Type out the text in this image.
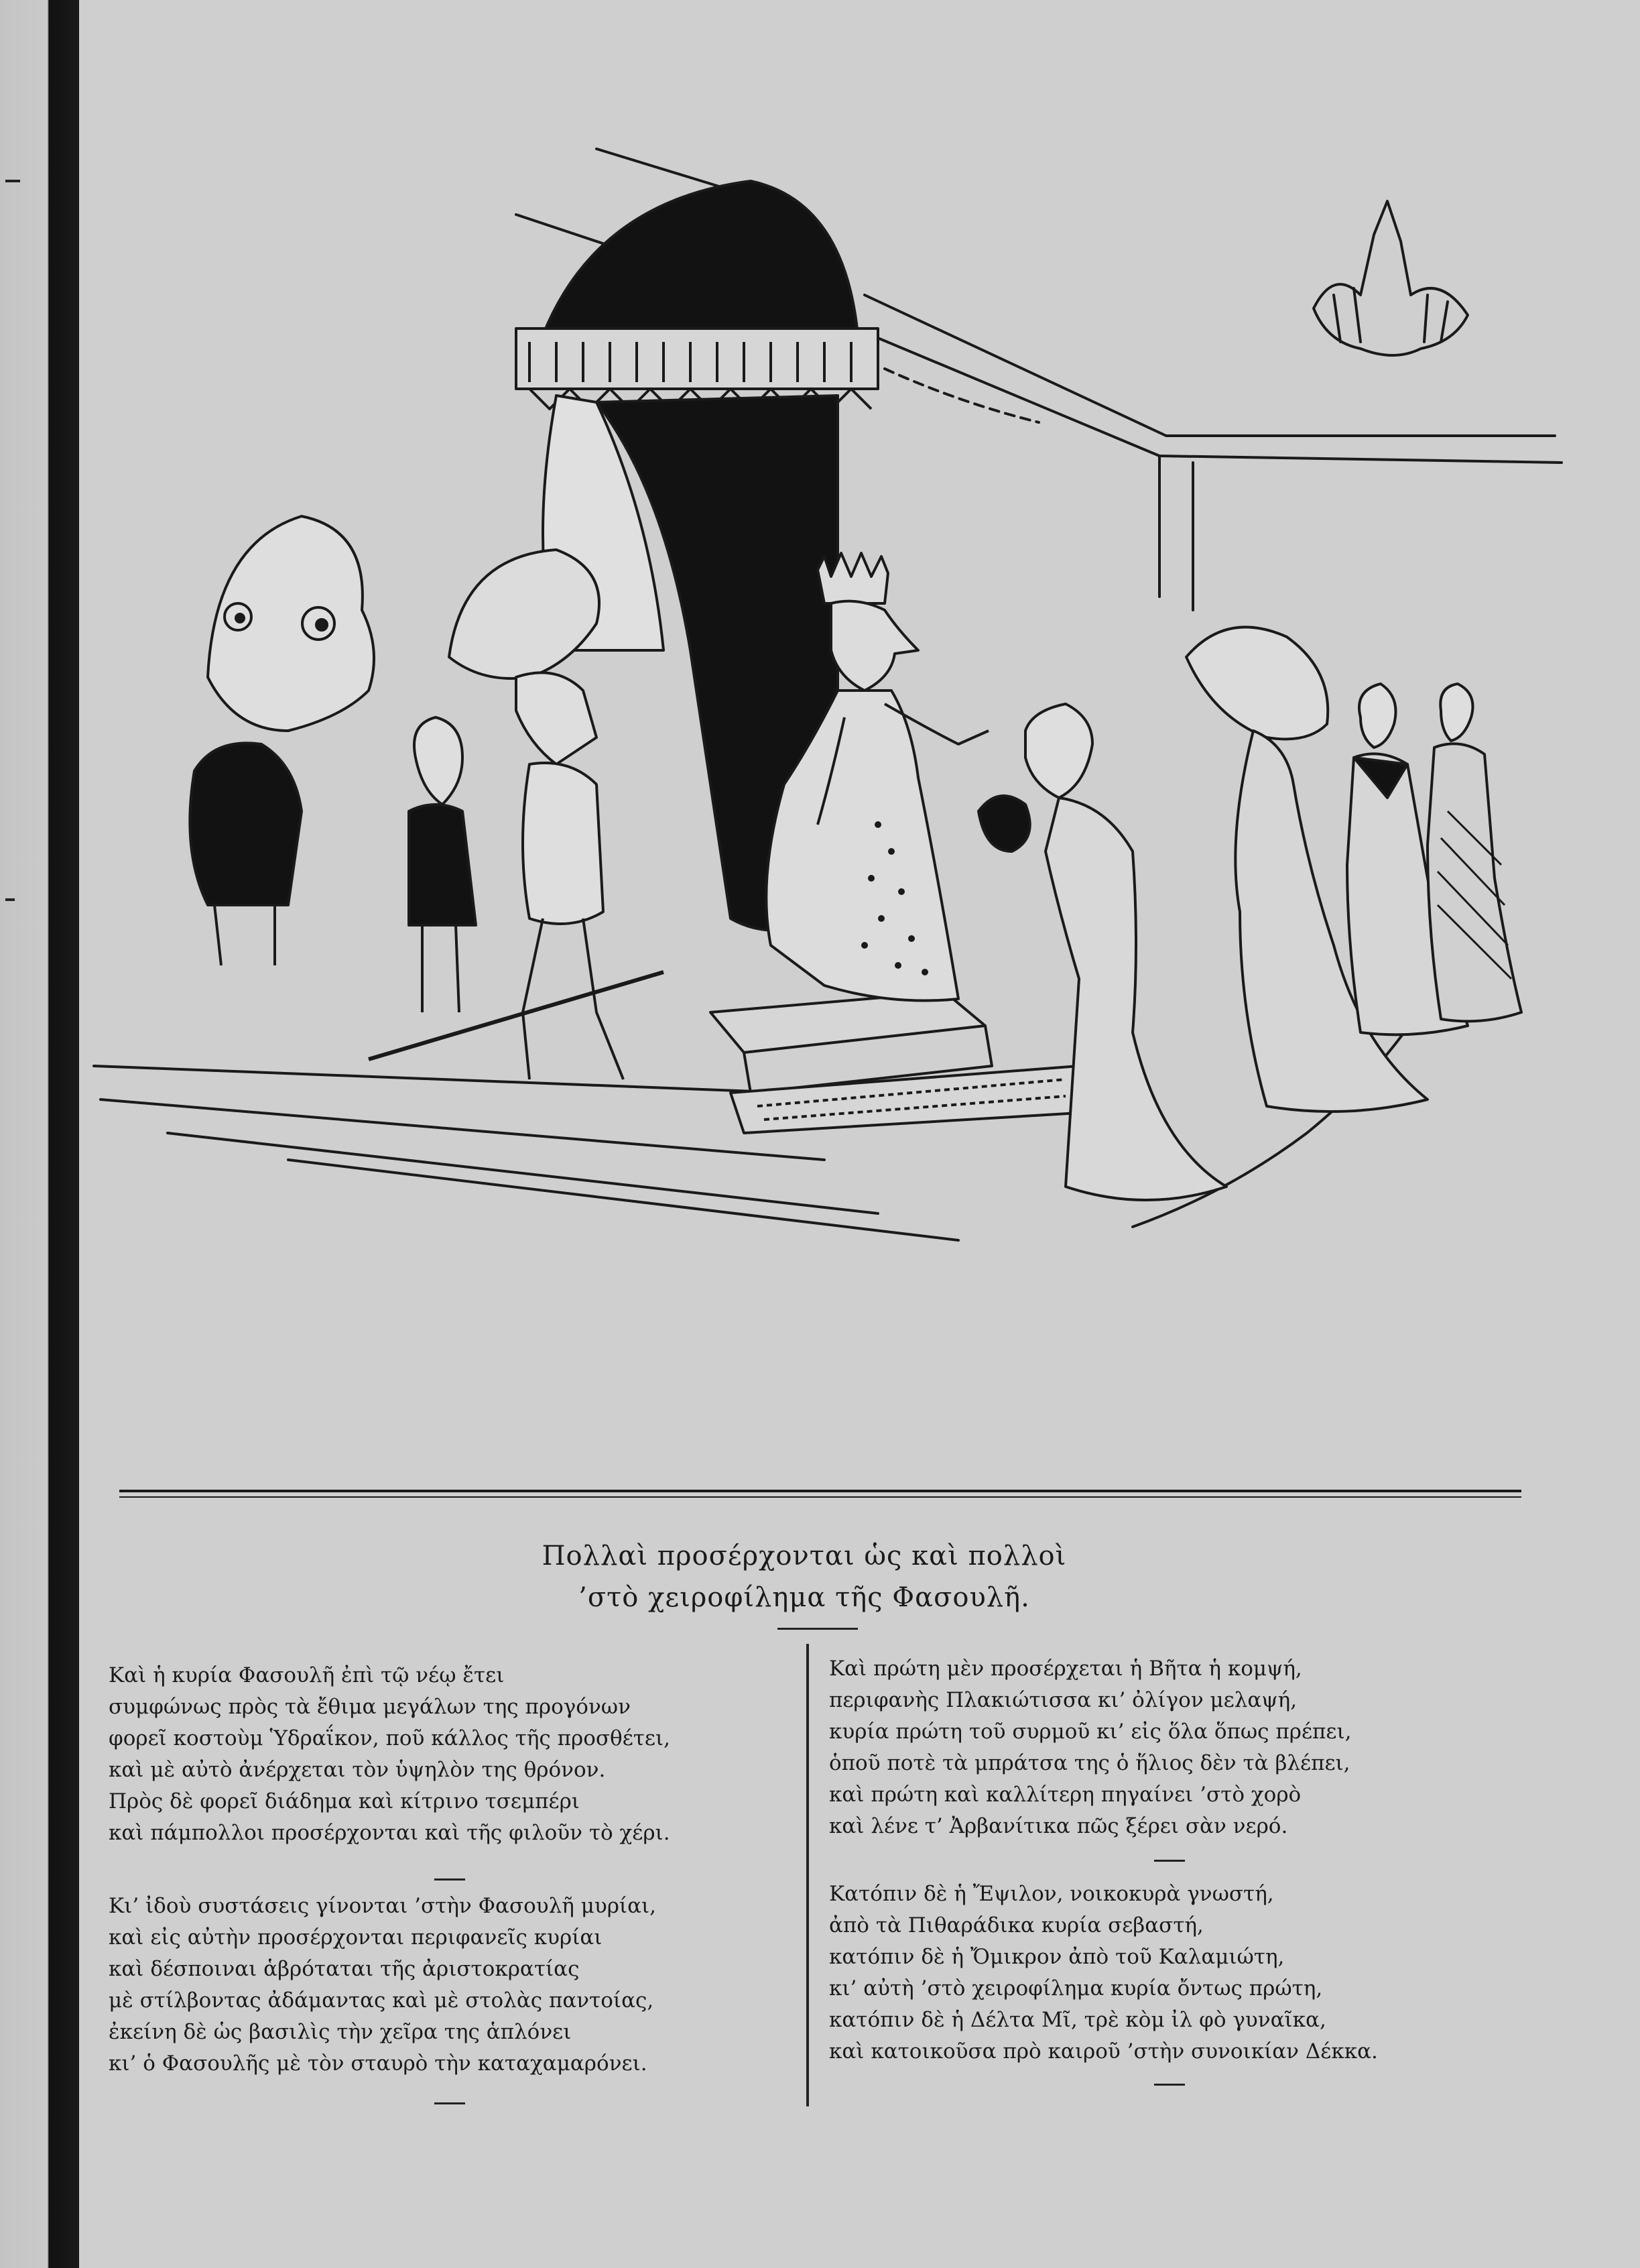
Πολλαὶ προσέρχονται ὡς καὶ πολλοὶ
’στὸ χειροφίλημα τῆς Φασουλῆ.
Καὶ ἡ κυρία Φασουλῆ ἐπὶ τῷ νέῳ ἔτει
συμφώνως πρὸς τὰ ἔθιμα μεγάλων της προγόνων
φορεῖ κοστοὺμ Ὑδραΐκον, ποῦ κάλλος τῆς προσθέτει,
καὶ μὲ αὐτὸ ἀνέρχεται τὸν ὑψηλὸν της θρόνον.
Πρὸς δὲ φορεῖ διάδημα καὶ κίτρινο τσεμπέρι
καὶ πάμπολλοι προσέρχονται καὶ τῆς φιλοῦν τὸ χέρι.
Κι’ ἰδοὺ συστάσεις γίνονται ’στὴν Φασουλῆ μυρίαι,
καὶ εἰς αὐτὴν προσέρχονται περιφανεῖς κυρίαι
καὶ δέσποιναι ἁβρόταται τῆς ἀριστοκρατίας
μὲ στίλβοντας ἀδάμαντας καὶ μὲ στολὰς παντοίας,
ἐκείνη δὲ ὡς βασιλὶς τὴν χεῖρα της ἁπλόνει
κι’ ὁ Φασουλῆς μὲ τὸν σταυρὸ τὴν καταχαμαρόνει.
Καὶ πρώτη μὲν προσέρχεται ἡ Βῆτα ἡ κομψή,
περιφανὴς Πλακιώτισσα κι’ ὀλίγον μελαψή,
κυρία πρώτη τοῦ συρμοῦ κι’ εἰς ὅλα ὅπως πρέπει,
ὁποῦ ποτὲ τὰ μπράτσα της ὁ ἥλιος δὲν τὰ βλέπει,
καὶ πρώτη καὶ καλλίτερη πηγαίνει ’στὸ χορὸ
καὶ λένε τ’ Ἀρβανίτικα πῶς ξέρει σὰν νερό.
Κατόπιν δὲ ἡ Ἔψιλον, νοικοκυρὰ γνωστή,
ἀπὸ τὰ Πιθαράδικα κυρία σεβαστή,
κατόπιν δὲ ἡ Ὄμικρον ἀπὸ τοῦ Καλαμιώτη,
κι’ αὐτὴ ’στὸ χειροφίλημα κυρία ὄντως πρώτη,
κατόπιν δὲ ἡ Δέλτα Μῖ, τρὲ κὸμ ἰλ φὸ γυναῖκα,
καὶ κατοικοῦσα πρὸ καιροῦ ’στὴν συνοικίαν Δέκκα.
